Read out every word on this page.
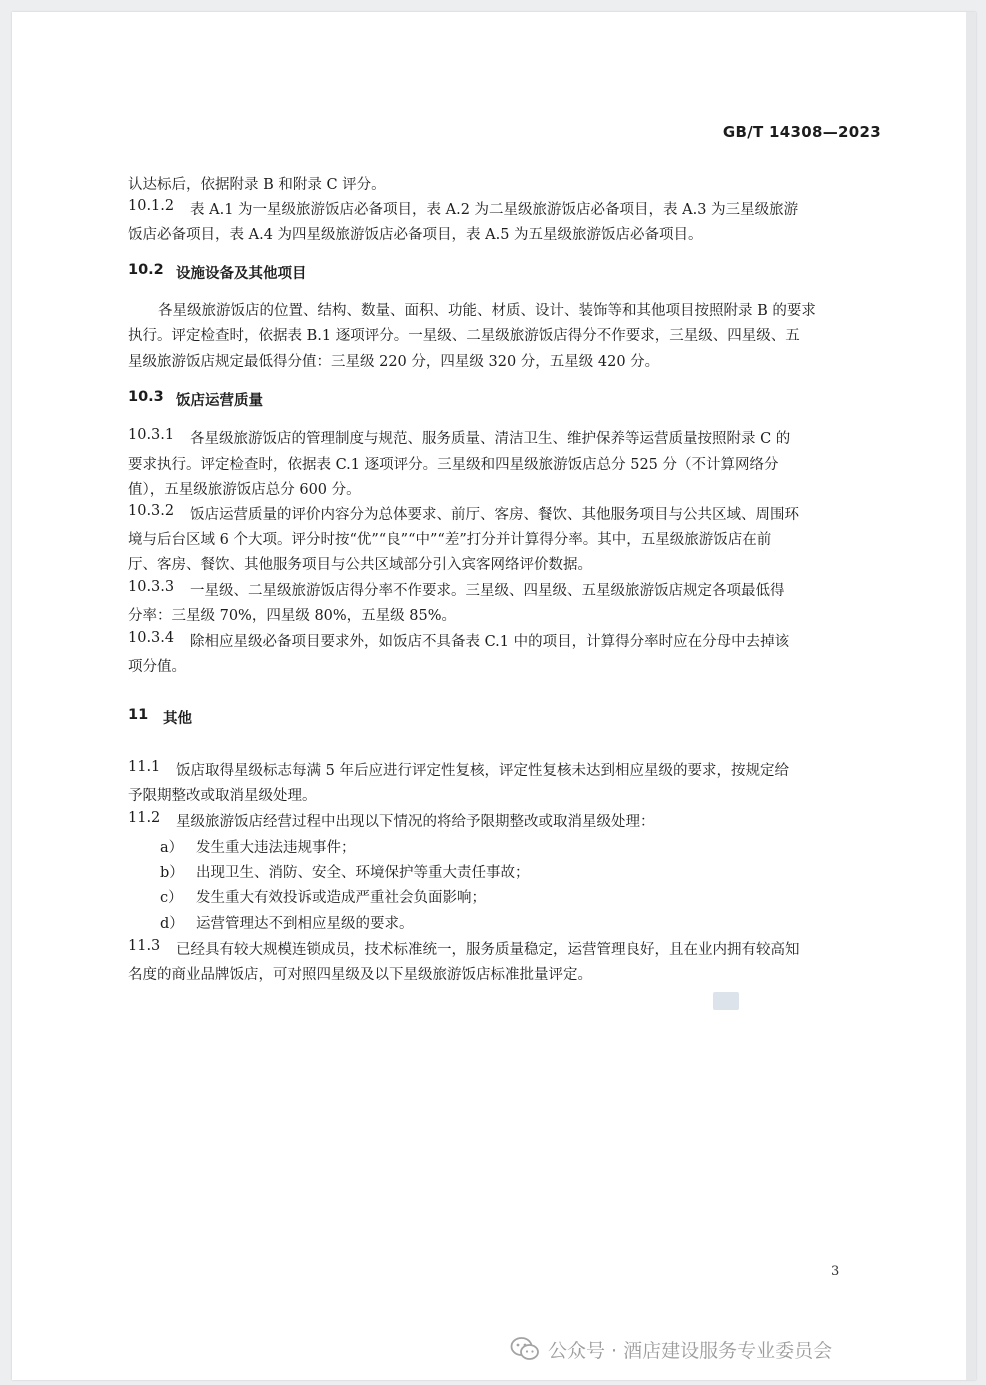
GB/T 14308—2023
认达标后，依据附录 B 和附录 C 评分。
10.1.2 表 A.1 为一星级旅游饭店必备项目，表 A.2 为二星级旅游饭店必备项目，表 A.3 为三星级旅游
饭店必备项目，表 A.4 为四星级旅游饭店必备项目，表 A.5 为五星级旅游饭店必备项目。
10.2 设施设备及其他项目
各星级旅游饭店的位置、结构、数量、面积、功能、材质、设计、装饰等和其他项目按照附录 B 的要求
执行。评定检查时，依据表 B.1 逐项评分。一星级、二星级旅游饭店得分不作要求，三星级、四星级、五
星级旅游饭店规定最低得分值：三星级 220 分，四星级 320 分，五星级 420 分。
10.3 饭店运营质量
10.3.1 各星级旅游饭店的管理制度与规范、服务质量、清洁卫生、维护保养等运营质量按照附录 C 的
要求执行。评定检查时，依据表 C.1 逐项评分。三星级和四星级旅游饭店总分 525 分（不计算网络分
值），五星级旅游饭店总分 600 分。
10.3.2 饭店运营质量的评价内容分为总体要求、前厅、客房、餐饮、其他服务项目与公共区域、周围环
境与后台区域 6 个大项。评分时按“优”“良”“中”“差”打分并计算得分率。其中，五星级旅游饭店在前
厅、客房、餐饮、其他服务项目与公共区域部分引入宾客网络评价数据。
10.3.3 一星级、二星级旅游饭店得分率不作要求。三星级、四星级、五星级旅游饭店规定各项最低得
分率：三星级 70%，四星级 80%，五星级 85%。
10.3.4 除相应星级必备项目要求外，如饭店不具备表 C.1 中的项目，计算得分率时应在分母中去掉该
项分值。
11 其他
11.1 饭店取得星级标志每满 5 年后应进行评定性复核，评定性复核未达到相应星级的要求，按规定给
予限期整改或取消星级处理。
11.2 星级旅游饭店经营过程中出现以下情况的将给予限期整改或取消星级处理：
a） 发生重大违法违规事件；
b） 出现卫生、消防、安全、环境保护等重大责任事故；
c） 发生重大有效投诉或造成严重社会负面影响；
d） 运营管理达不到相应星级的要求。
11.3 已经具有较大规模连锁成员，技术标准统一，服务质量稳定，运营管理良好，且在业内拥有较高知
名度的商业品牌饭店，可对照四星级及以下星级旅游饭店标准批量评定。
3
公众号 · 酒店建设服务专业委员会
